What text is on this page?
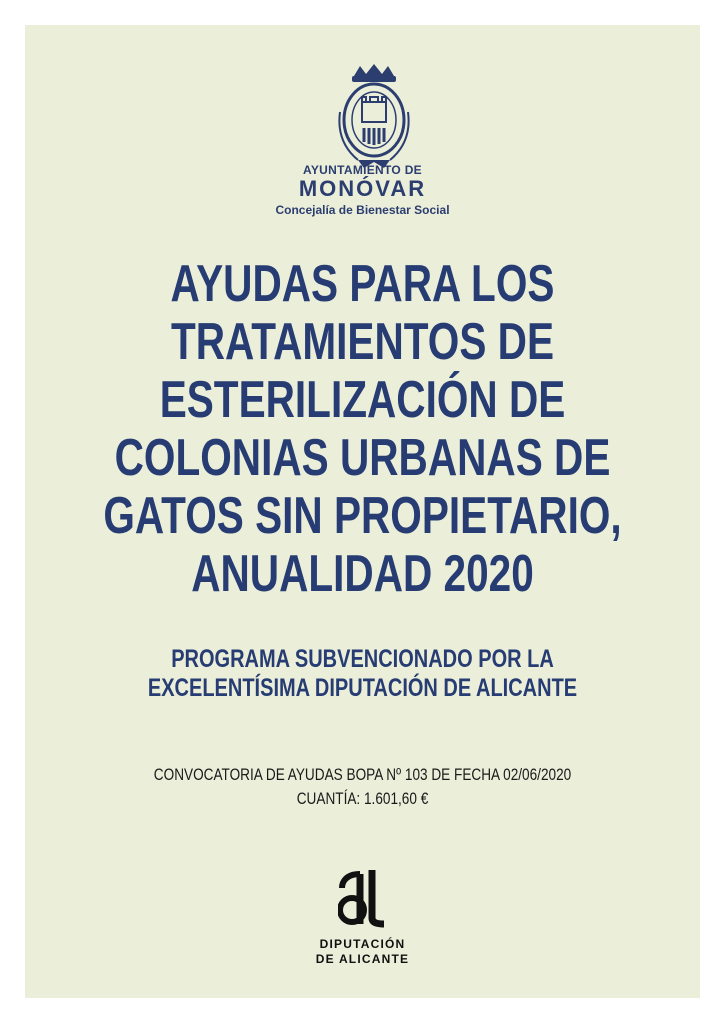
AYUNTAMIENTO DE
MONÓVAR
Concejalía de Bienestar Social
AYUDAS PARA LOS
TRATAMIENTOS DE
ESTERILIZACIÓN DE
COLONIAS URBANAS DE
GATOS SIN PROPIETARIO,
ANUALIDAD 2020
PROGRAMA SUBVENCIONADO POR LA
EXCELENTÍSIMA DIPUTACIÓN DE ALICANTE
CONVOCATORIA DE AYUDAS BOPA Nº 103 DE FECHA 02/06/2020
CUANTÍA: 1.601,60 €
DIPUTACIÓN
DE ALICANTE
